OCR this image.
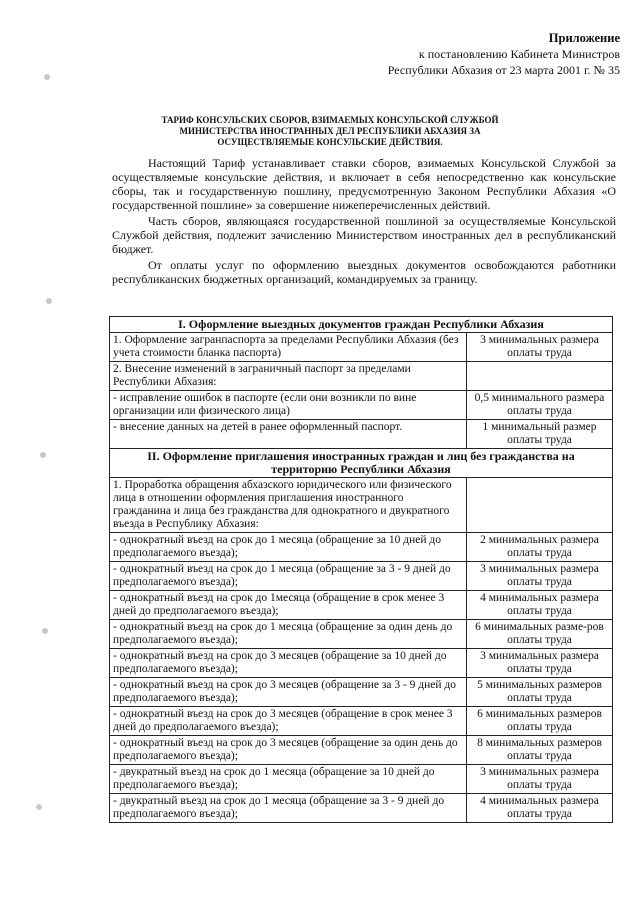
Приложение
к постановлению Кабинета Министров
Республики Абхазия от 23 марта 2001 г. № 35
ТАРИФ КОНСУЛЬСКИХ СБОРОВ, ВЗИМАЕМЫХ КОНСУЛЬСКОЙ СЛУЖБОЙ
МИНИСТЕРСТВА ИНОСТРАННЫХ ДЕЛ РЕСПУБЛИКИ АБХАЗИЯ ЗА
ОСУЩЕСТВЛЯЕМЫЕ КОНСУЛЬСКИЕ ДЕЙСТВИЯ.

Настоящий Тариф устанавливает ставки сборов, взимаемых Консульской Службой за осуществляемые консульские действия, и включает в себя непосредственно как консульские сборы, так и государственную пошлину, предусмотренную Законом Республики Абхазия «О государственной пошлине» за совершение нижеперечисленных действий.

Часть сборов, являющаяся государственной пошлиной за осуществляемые Консульской Службой действия, подлежит зачислению Министерством иностранных дел в республиканский бюджет.

От оплаты услуг по оформлению выездных документов освобождаются работники республиканских бюджетных организаций, командируемых за границу.

I. Оформление выездных документов граждан Республики Абхазия	
1. Оформление загранпаспорта за пределами Республики Абхазия (без учета стоимости бланка паспорта)	3 минимальных размера оплаты труда
2. Внесение изменений в заграничный паспорт за пределами Республики Абхазия:	
- исправление ошибок в паспорте (если они возникли по вине организации или физического лица)	0,5 минимального размера оплаты труда
- внесение данных на детей в ранее оформленный паспорт.	1 минимальный размер оплаты труда
II. Оформление приглашения иностранных граждан и лиц без гражданства на территорию Республики Абхазия	
1. Проработка обращения абхазского юридического или физического лица в отношении оформления приглашения иностранного гражданина и лица без гражданства для однократного и двукратного въезда в Республику Абхазия:	
- однократный въезд на срок до 1 месяца (обращение за 10 дней до предполагаемого въезда);	2 минимальных размера оплаты труда
- однократный въезд на срок до 1 месяца (обращение за 3 - 9 дней до предполагаемого въезда);	3 минимальных размера оплаты труда
- однократный въезд на срок до 1месяца (обращение в срок менее 3 дней до предполагаемого въезда);	4 минимальных размера оплаты труда
- однократный въезд на срок до 1 месяца (обращение за один день до предполагаемого въезда);	6 минимальных разме-ров оплаты труда
- однократный въезд на срок до 3 месяцев (обращение за 10 дней до предполагаемого въезда);	3 минимальных размера оплаты труда
- однократный въезд на срок до 3 месяцев (обращение за 3 - 9 дней до предполагаемого въезда);	5 минимальных размеров оплаты труда
- однократный въезд на срок до 3 месяцев (обращение в срок менее 3 дней до предполагаемого въезда);	6 минимальных размеров оплаты труда
- однократный въезд на срок до 3 месяцев (обращение за один день до предполагаемого въезда);	8 минимальных размеров оплаты труда
- двукратный въезд на срок до 1 месяца (обращение за 10 дней до предполагаемого въезда);	3 минимальных размера оплаты труда
- двукратный въезд на срок до 1 месяца (обращение за 3 - 9 дней до предполагаемого въезда);	4 минимальных размера оплаты труда
